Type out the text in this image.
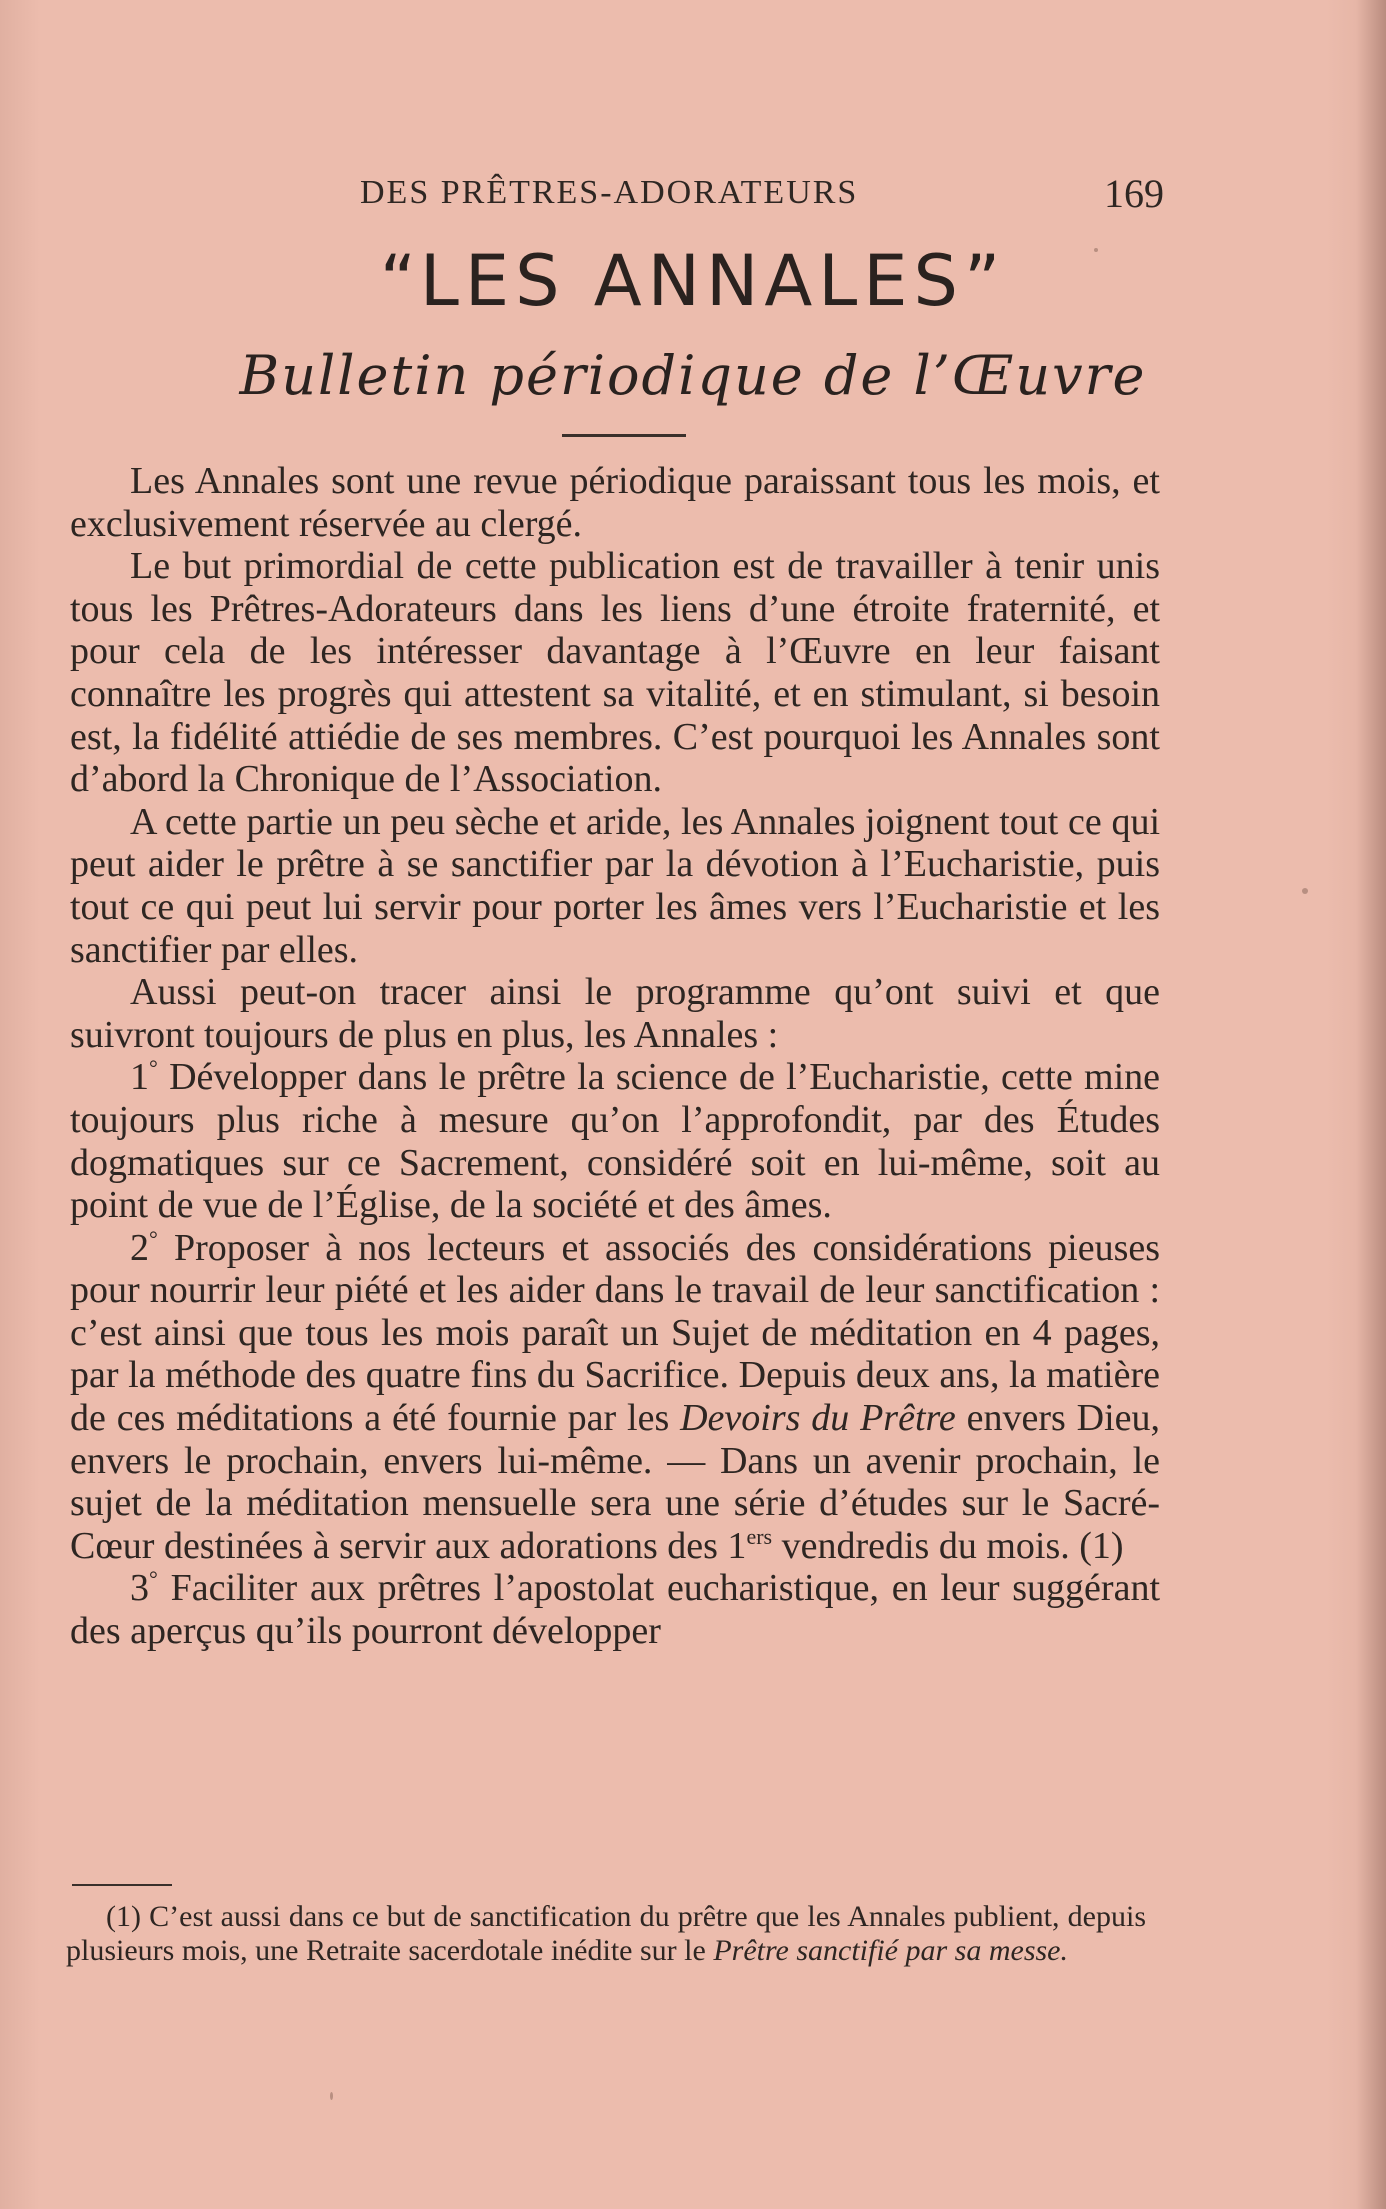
DES PRÊTRES-ADORATEURS	169
“LES ANNALES”
Bulletin périodique de l’Œuvre

Les Annales sont une revue périodique paraissant tous les mois, et exclusivement réservée au clergé.

Le but primordial de cette publication est de travailler à tenir unis tous les Prêtres-Adorateurs dans les liens d’une étroite fraternité, et pour cela de les intéresser davantage à l’Œuvre en leur faisant connaître les progrès qui attestent sa vitalité, et en stimulant, si besoin est, la fidélité attiédie de ses membres. C’est pourquoi les Annales sont d’abord la Chronique de l’Association.

A cette partie un peu sèche et aride, les Annales joignent tout ce qui peut aider le prêtre à se sanctifier par la dévotion à l’Eucharistie, puis tout ce qui peut lui servir pour porter les âmes vers l’Eucharistie et les sanctifier par elles.

Aussi peut-on tracer ainsi le programme qu’ont suivi et que suivront toujours de plus en plus, les Annales :

1° Développer dans le prêtre la science de l’Eucharistie, cette mine toujours plus riche à mesure qu’on l’approfondit, par des Études dogmatiques sur ce Sacrement, considéré soit en lui-même, soit au point de vue de l’Église, de la société et des âmes.

2° Proposer à nos lecteurs et associés des considérations pieuses pour nourrir leur piété et les aider dans le travail de leur sanctification : c’est ainsi que tous les mois paraît un Sujet de méditation en 4 pages, par la méthode des quatre fins du Sacrifice. Depuis deux ans, la matière de ces méditations a été fournie par les Devoirs du Prêtre envers Dieu, envers le prochain, envers lui-même. — Dans un avenir prochain, le sujet de la méditation mensuelle sera une série d’études sur le Sacré-Cœur destinées à servir aux adorations des 1ers vendredis du mois. (1)

3° Faciliter aux prêtres l’apostolat eucharistique, en leur suggérant des aperçus qu’ils pourront développer

(1) C’est aussi dans ce but de sanctification du prêtre que les Annales publient, depuis plusieurs mois, une Retraite sacerdotale inédite sur le Prêtre sanctifié par sa messe.
